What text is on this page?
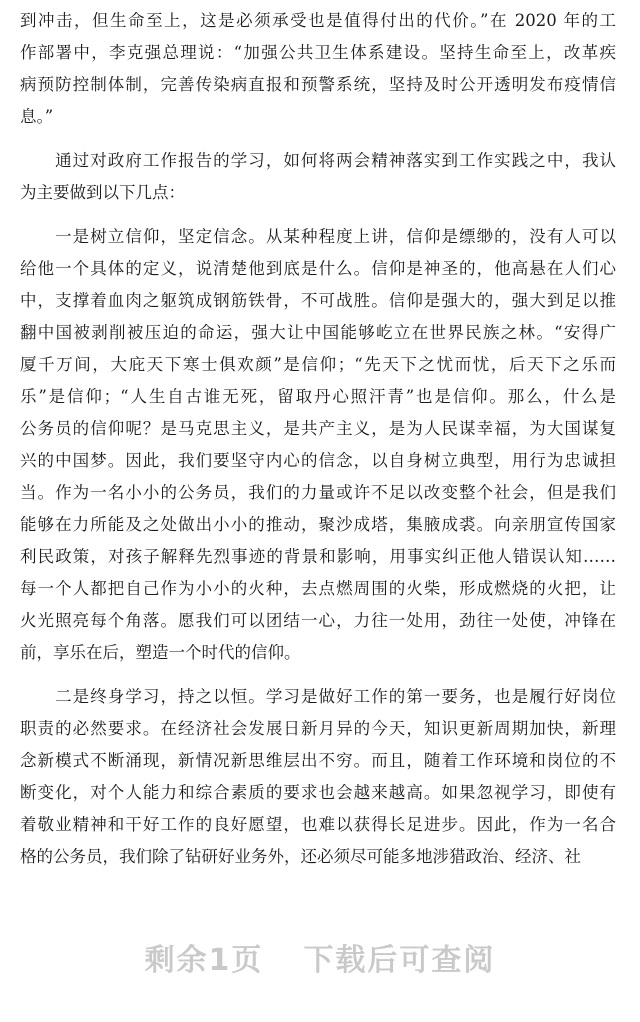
到冲击，但生命至上，这是必须承受也是值得付出的代价。”在 2020 年的工
作部署中，李克强总理说：“加强公共卫生体系建设。坚持生命至上，改革疾
病预防控制体制，完善传染病直报和预警系统，坚持及时公开透明发布疫情信
息。”
　　通过对政府工作报告的学习，如何将两会精神落实到工作实践之中，我认
为主要做到以下几点：
　　一是树立信仰，坚定信念。从某种程度上讲，信仰是缥缈的，没有人可以
给他一个具体的定义，说清楚他到底是什么。信仰是神圣的，他高悬在人们心
中，支撑着血肉之躯筑成钢筋铁骨，不可战胜。信仰是强大的，强大到足以推
翻中国被剥削被压迫的命运，强大让中国能够屹立在世界民族之林。“安得广
厦千万间，大庇天下寒士俱欢颜”是信仰；“先天下之忧而忧，后天下之乐而
乐”是信仰；“人生自古谁无死，留取丹心照汗青”也是信仰。那么，什么是
公务员的信仰呢？是马克思主义，是共产主义，是为人民谋幸福，为大国谋复
兴的中国梦。因此，我们要坚守内心的信念，以自身树立典型，用行为忠诚担
当。作为一名小小的公务员，我们的力量或许不足以改变整个社会，但是我们
能够在力所能及之处做出小小的推动，聚沙成塔，集腋成裘。向亲朋宣传国家
利民政策，对孩子解释先烈事迹的背景和影响，用事实纠正他人错误认知……
每一个人都把自己作为小小的火种，去点燃周围的火柴，形成燃烧的火把，让
火光照亮每个角落。愿我们可以团结一心，力往一处用，劲往一处使，冲锋在
前，享乐在后，塑造一个时代的信仰。
　　二是终身学习，持之以恒。学习是做好工作的第一要务，也是履行好岗位
职责的必然要求。在经济社会发展日新月异的今天，知识更新周期加快，新理
念新模式不断涌现，新情况新思维层出不穷。而且，随着工作环境和岗位的不
断变化，对个人能力和综合素质的要求也会越来越高。如果忽视学习，即使有
着敬业精神和干好工作的良好愿望，也难以获得长足进步。因此，作为一名合
格的公务员，我们除了钻研好业务外，还必须尽可能多地涉猎政治、经济、社
剩余1页 下载后可查阅
